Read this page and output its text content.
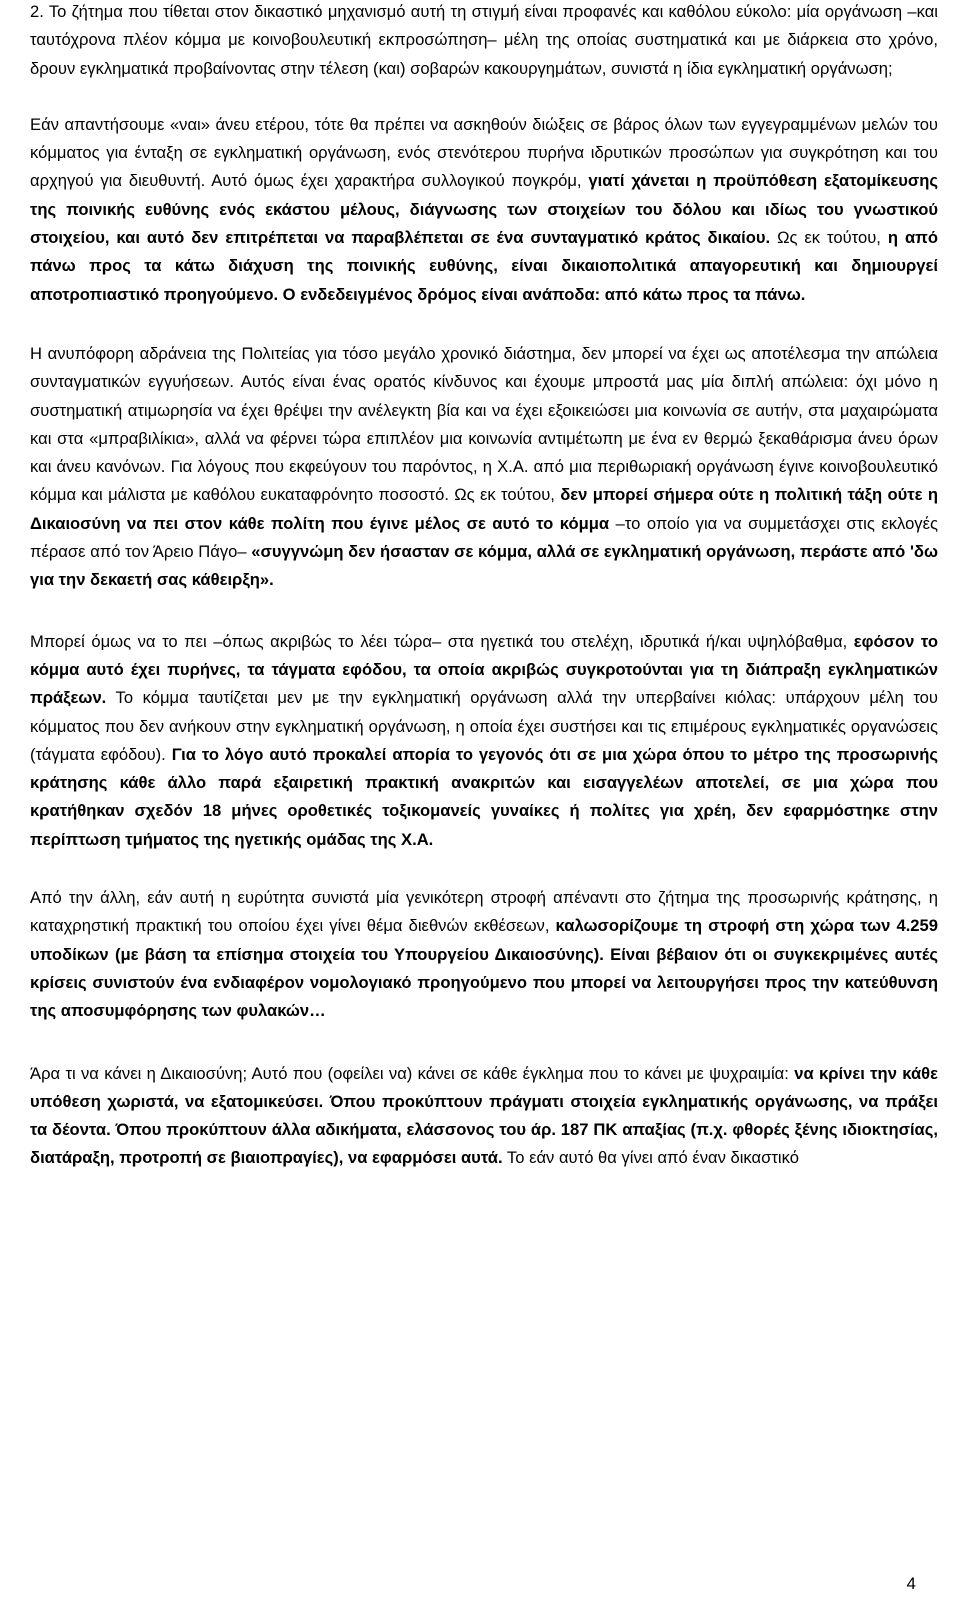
2. Το ζήτημα που τίθεται στον δικαστικό μηχανισμό αυτή τη στιγμή είναι προφανές και καθόλου εύκολο: μία οργάνωση –και ταυτόχρονα πλέον κόμμα με κοινοβουλευτική εκπροσώπηση– μέλη της οποίας συστηματικά και με διάρκεια στο χρόνο, δρουν εγκληματικά προβαίνοντας στην τέλεση (και) σοβαρών κακουργημάτων, συνιστά η ίδια εγκληματική οργάνωση;

Εάν απαντήσουμε «ναι» άνευ ετέρου, τότε θα πρέπει να ασκηθούν διώξεις σε βάρος όλων των εγγεγραμμένων μελών του κόμματος για ένταξη σε εγκληματική οργάνωση, ενός στενότερου πυρήνα ιδρυτικών προσώπων για συγκρότηση και του αρχηγού για διευθυντή. Αυτό όμως έχει χαρακτήρα συλλογικού πογκρόμ, γιατί χάνεται η προϋπόθεση εξατομίκευσης της ποινικής ευθύνης ενός εκάστου μέλους, διάγνωσης των στοιχείων του δόλου και ιδίως του γνωστικού στοιχείου, και αυτό δεν επιτρέπεται να παραβλέπεται σε ένα συνταγματικό κράτος δικαίου. Ως εκ τούτου, η από πάνω προς τα κάτω διάχυση της ποινικής ευθύνης, είναι δικαιοπολιτικά απαγορευτική και δημιουργεί αποτροπιαστικό προηγούμενο. Ο ενδεδειγμένος δρόμος είναι ανάποδα: από κάτω προς τα πάνω.

Η ανυπόφορη αδράνεια της Πολιτείας για τόσο μεγάλο χρονικό διάστημα, δεν μπορεί να έχει ως αποτέλεσμα την απώλεια συνταγματικών εγγυήσεων. Αυτός είναι ένας ορατός κίνδυνος και έχουμε μπροστά μας μία διπλή απώλεια: όχι μόνο η συστηματική ατιμωρησία να έχει θρέψει την ανέλεγκτη βία και να έχει εξοικειώσει μια κοινωνία σε αυτήν, στα μαχαιρώματα και στα «μπραβιλίκια», αλλά να φέρνει τώρα επιπλέον μια κοινωνία αντιμέτωπη με ένα εν θερμώ ξεκαθάρισμα άνευ όρων και άνευ κανόνων. Για λόγους που εκφεύγουν του παρόντος, η Χ.Α. από μια περιθωριακή οργάνωση έγινε κοινοβουλευτικό κόμμα και μάλιστα με καθόλου ευκαταφρόνητο ποσοστό. Ως εκ τούτου, δεν μπορεί σήμερα ούτε η πολιτική τάξη ούτε η Δικαιοσύνη να πει στον κάθε πολίτη που έγινε μέλος σε αυτό το κόμμα –το οποίο για να συμμετάσχει στις εκλογές πέρασε από τον Άρειο Πάγο– «συγγνώμη δεν ήσασταν σε κόμμα, αλλά σε εγκληματική οργάνωση, περάστε από 'δω για την δεκαετή σας κάθειρξη».

Μπορεί όμως να το πει –όπως ακριβώς το λέει τώρα– στα ηγετικά του στελέχη, ιδρυτικά ή/και υψηλόβαθμα, εφόσον το κόμμα αυτό έχει πυρήνες, τα τάγματα εφόδου, τα οποία ακριβώς συγκροτούνται για τη διάπραξη εγκληματικών πράξεων. Το κόμμα ταυτίζεται μεν με την εγκληματική οργάνωση αλλά την υπερβαίνει κιόλας: υπάρχουν μέλη του κόμματος που δεν ανήκουν στην εγκληματική οργάνωση, η οποία έχει συστήσει και τις επιμέρους εγκληματικές οργανώσεις (τάγματα εφόδου). Για το λόγο αυτό προκαλεί απορία το γεγονός ότι σε μια χώρα όπου το μέτρο της προσωρινής κράτησης κάθε άλλο παρά εξαιρετική πρακτική ανακριτών και εισαγγελέων αποτελεί, σε μια χώρα που κρατήθηκαν σχεδόν 18 μήνες οροθετικές τοξικομανείς γυναίκες ή πολίτες για χρέη, δεν εφαρμόστηκε στην περίπτωση τμήματος της ηγετικής ομάδας της Χ.Α.

Από την άλλη, εάν αυτή η ευρύτητα συνιστά μία γενικότερη στροφή απέναντι στο ζήτημα της προσωρινής κράτησης, η καταχρηστική πρακτική του οποίου έχει γίνει θέμα διεθνών εκθέσεων, καλωσορίζουμε τη στροφή στη χώρα των 4.259 υποδίκων (με βάση τα επίσημα στοιχεία του Υπουργείου Δικαιοσύνης). Είναι βέβαιον ότι οι συγκεκριμένες αυτές κρίσεις συνιστούν ένα ενδιαφέρον νομολογιακό προηγούμενο που μπορεί να λειτουργήσει προς την κατεύθυνση της αποσυμφόρησης των φυλακών…

Άρα τι να κάνει η Δικαιοσύνη; Αυτό που (οφείλει να) κάνει σε κάθε έγκλημα που το κάνει με ψυχραιμία: να κρίνει την κάθε υπόθεση χωριστά, να εξατομικεύσει. Όπου προκύπτουν πράγματι στοιχεία εγκληματικής οργάνωσης, να πράξει τα δέοντα. Όπου προκύπτουν άλλα αδικήματα, ελάσσονος του άρ. 187 ΠΚ απαξίας (π.χ. φθορές ξένης ιδιοκτησίας, διατάραξη, προτροπή σε βιαιοπραγίες), να εφαρμόσει αυτά. Το εάν αυτό θα γίνει από έναν δικαστικό

4
